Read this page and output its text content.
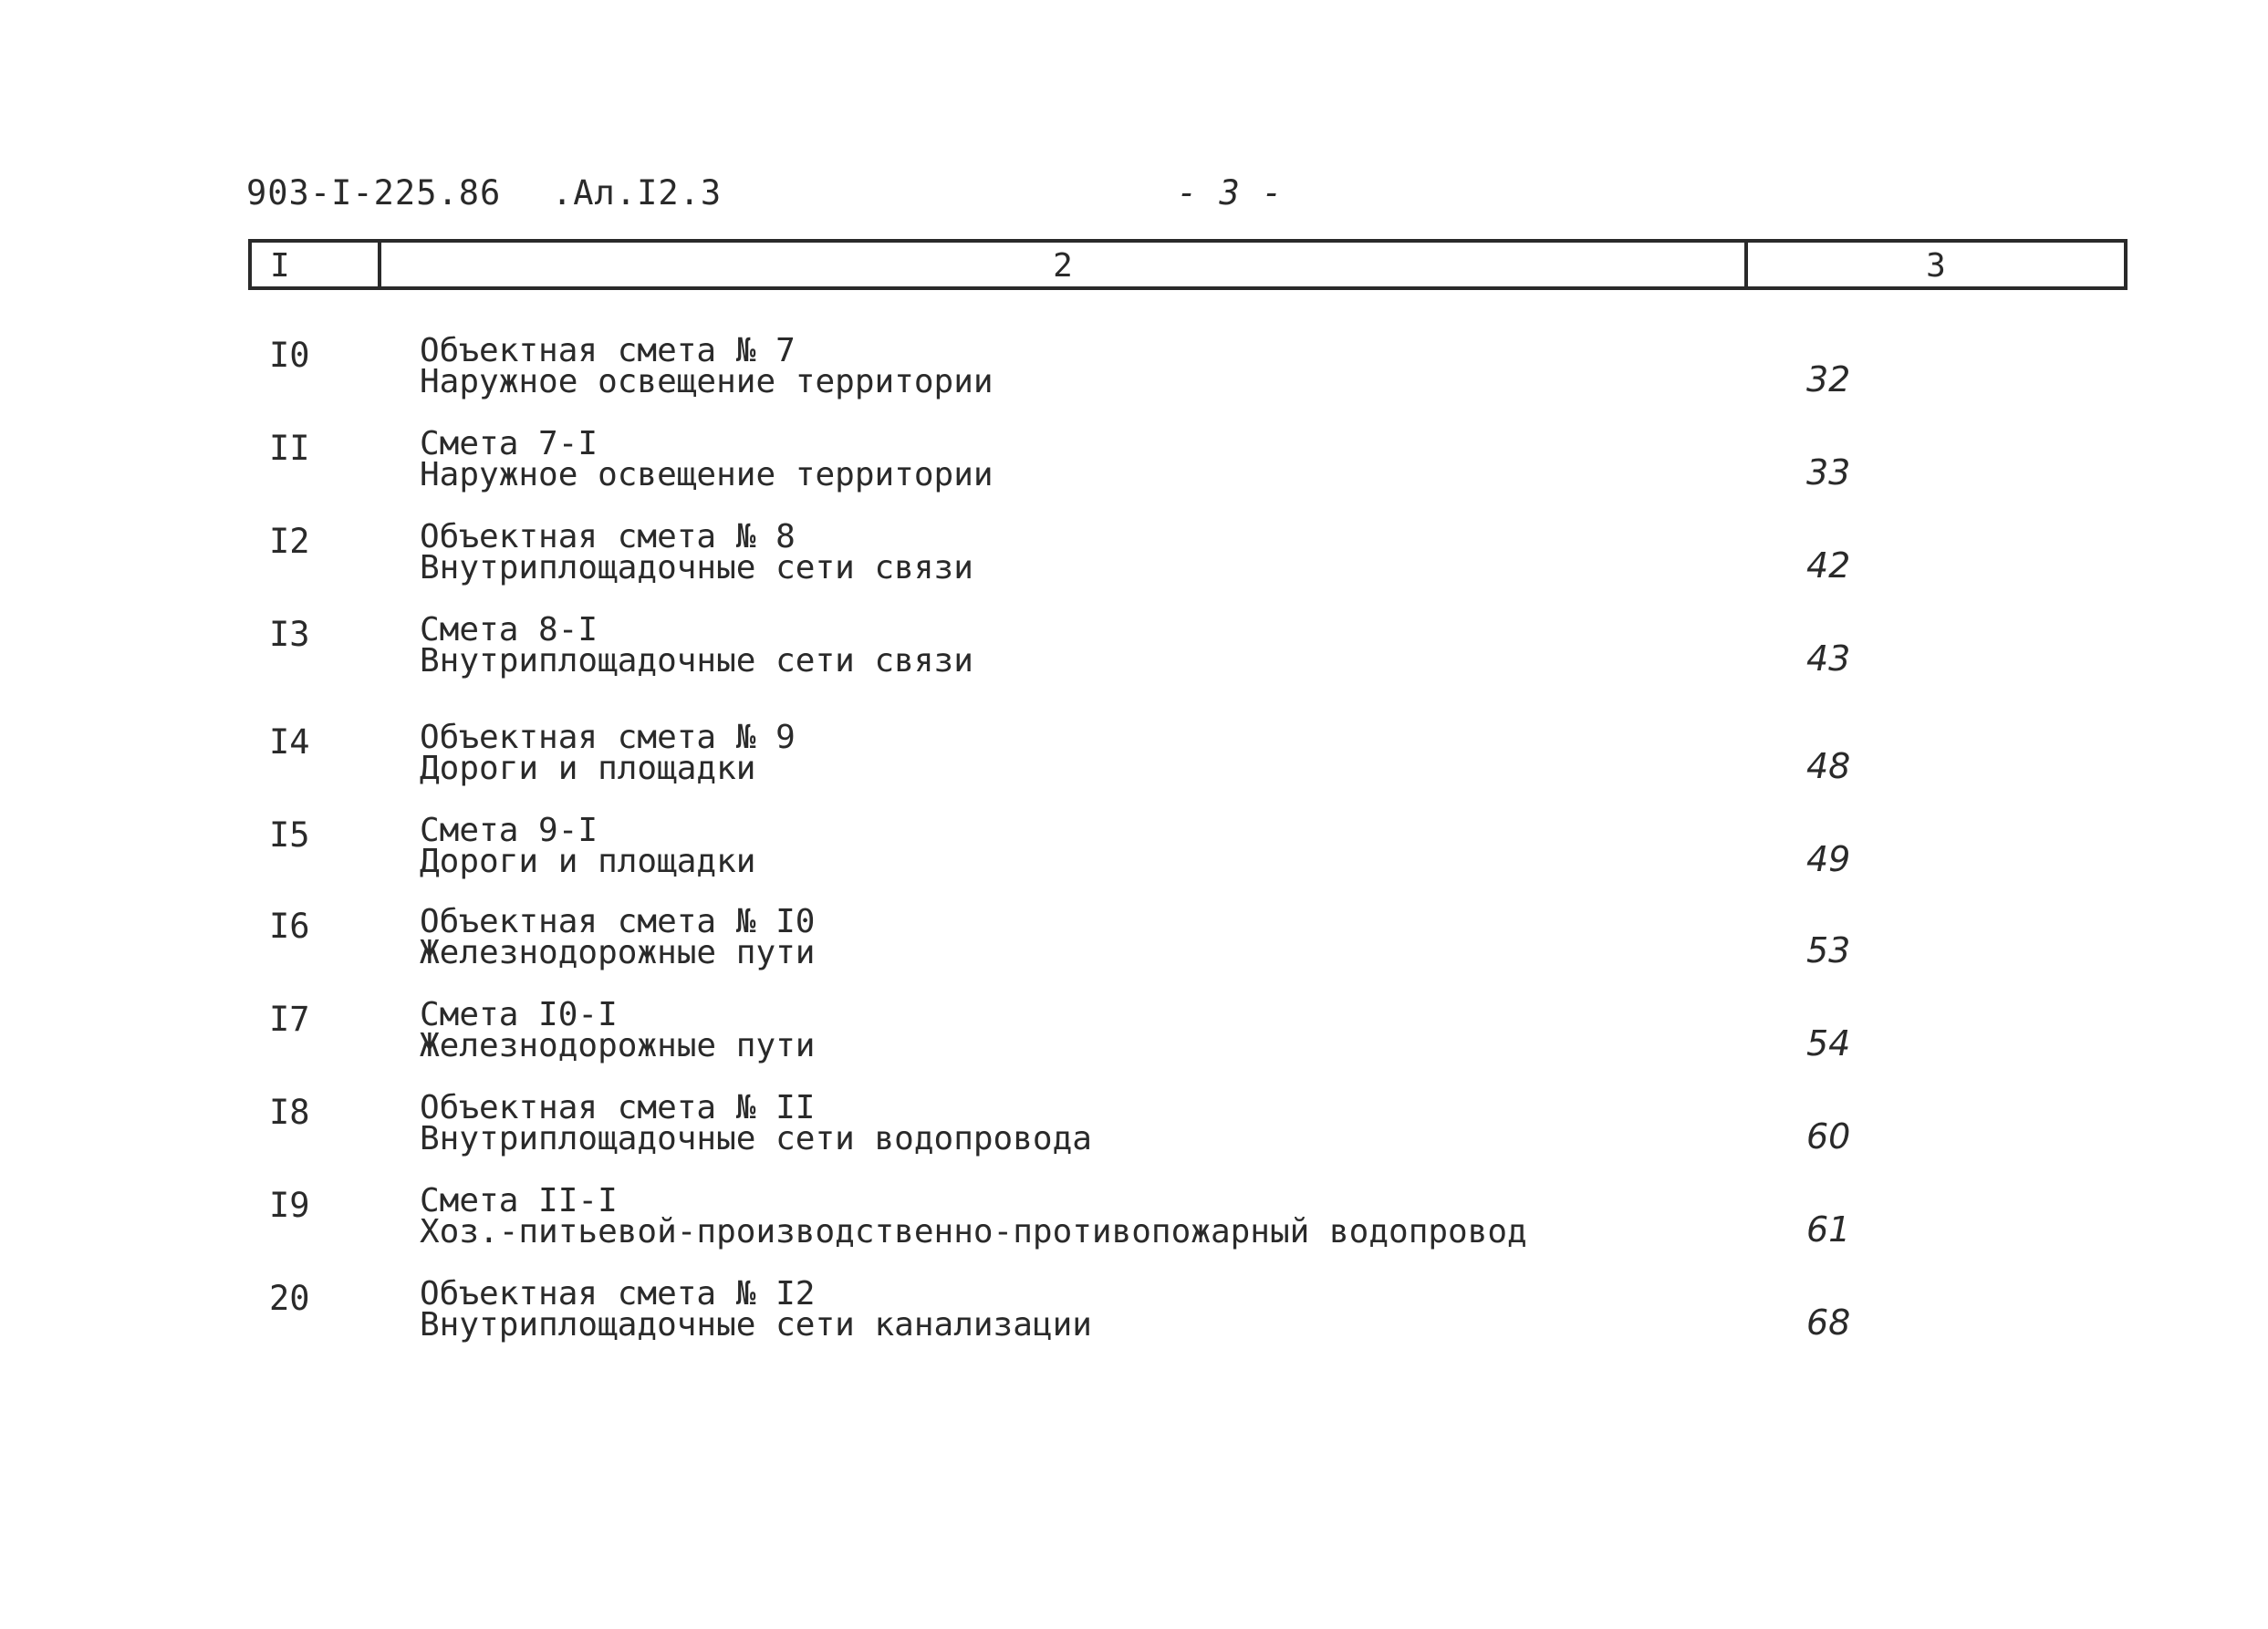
903-I-225.86 .Ал.I2.3	- 3 -
I	2	3
I0	Объектная смета № 7
Наружное освещение территории	32
II	Смета 7-I
Наружное освещение территории	33
I2	Объектная смета № 8
Внутриплощадочные сети связи	42
I3	Смета 8-I
Внутриплощадочные сети связи	43
I4	Объектная смета № 9
Дороги и площадки	48
I5	Смета 9-I
Дороги и площадки	49
I6	Объектная смета № I0
Железнодорожные пути	53
I7	Смета I0-I
Железнодорожные пути	54
I8	Объектная смета № II
Внутриплощадочные сети водопровода	60
I9	Смета II-I
Хоз.-питьевой-производственно-противопожарный водопровод	61
20	Объектная смета № I2
Внутриплощадочные сети канализации	68
